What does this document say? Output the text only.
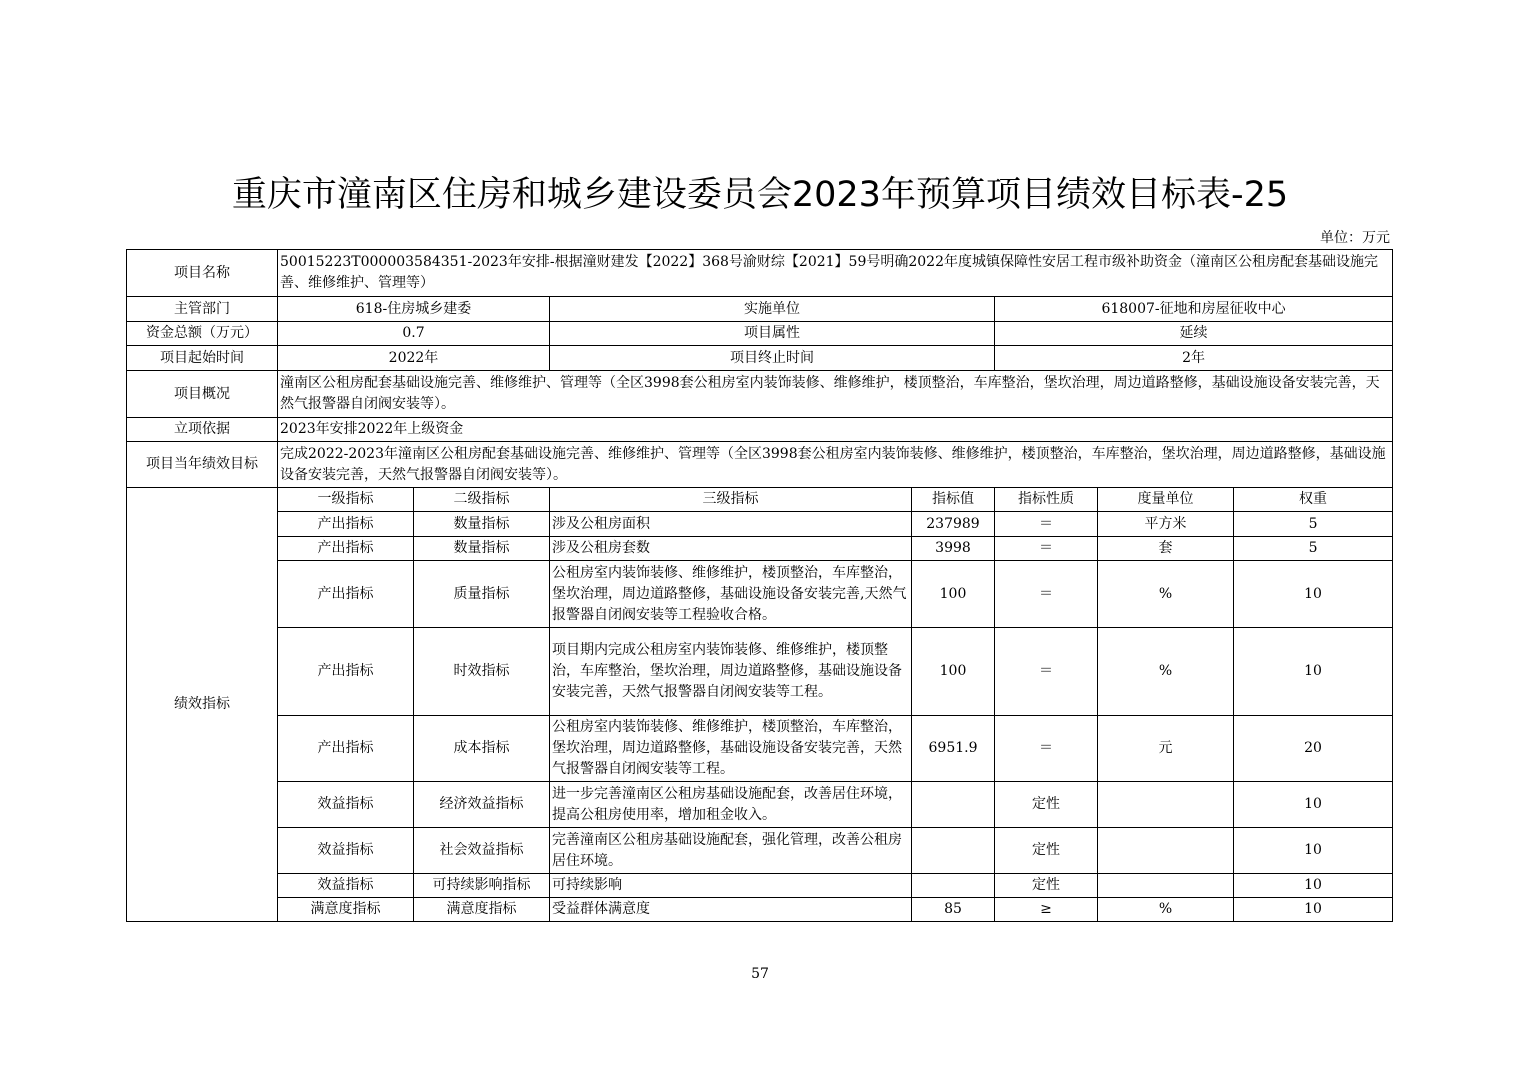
重庆市潼南区住房和城乡建设委员会2023年预算项目绩效目标表-25
单位：万元
项目名称	50015223T000003584351-2023年安排-根据潼财建发【2022】368号渝财综【2021】59号明确2022年度城镇保障性安居工程市级补助资金（潼南区公租房配套基础设施完善、维修维护、管理等）						
主管部门	618-住房城乡建委		实施单位		618007-征地和房屋征收中心		
资金总额（万元）	0.7		项目属性		延续		
项目起始时间	2022年		项目终止时间		2年		
项目概况	潼南区公租房配套基础设施完善、维修维护、管理等（全区3998套公租房室内装饰装修、维修维护，楼顶整治，车库整治，堡坎治理，周边道路整修，基础设施设备安装完善，天然气报警器自闭阀安装等）。						
立项依据	2023年安排2022年上级资金						
项目当年绩效目标	完成2022-2023年潼南区公租房配套基础设施完善、维修维护、管理等（全区3998套公租房室内装饰装修、维修维护，楼顶整治，车库整治，堡坎治理，周边道路整修，基础设施设备安装完善，天然气报警器自闭阀安装等）。						
绩效指标	一级指标	二级指标	三级指标	指标值	指标性质	度量单位	权重
	产出指标	数量指标	涉及公租房面积	237989	＝	平方米	5
	产出指标	数量指标	涉及公租房套数	3998	＝	套	5
	产出指标	质量指标	公租房室内装饰装修、维修维护，楼顶整治，车库整治，堡坎治理，周边道路整修，基础设施设备安装完善,天然气报警器自闭阀安装等工程验收合格。	100	＝	%	10
	产出指标	时效指标	项目期内完成公租房室内装饰装修、维修维护，楼顶整治，车库整治，堡坎治理，周边道路整修，基础设施设备安装完善，天然气报警器自闭阀安装等工程。	100	＝	%	10
	产出指标	成本指标	公租房室内装饰装修、维修维护，楼顶整治，车库整治，堡坎治理，周边道路整修，基础设施设备安装完善，天然气报警器自闭阀安装等工程。	6951.9	＝	元	20
	效益指标	经济效益指标	进一步完善潼南区公租房基础设施配套，改善居住环境，提高公租房使用率，增加租金收入。		定性		10
	效益指标	社会效益指标	完善潼南区公租房基础设施配套，强化管理，改善公租房居住环境。		定性		10
	效益指标	可持续影响指标	可持续影响		定性		10
	满意度指标	满意度指标	受益群体满意度	85	≥	%	10
57
